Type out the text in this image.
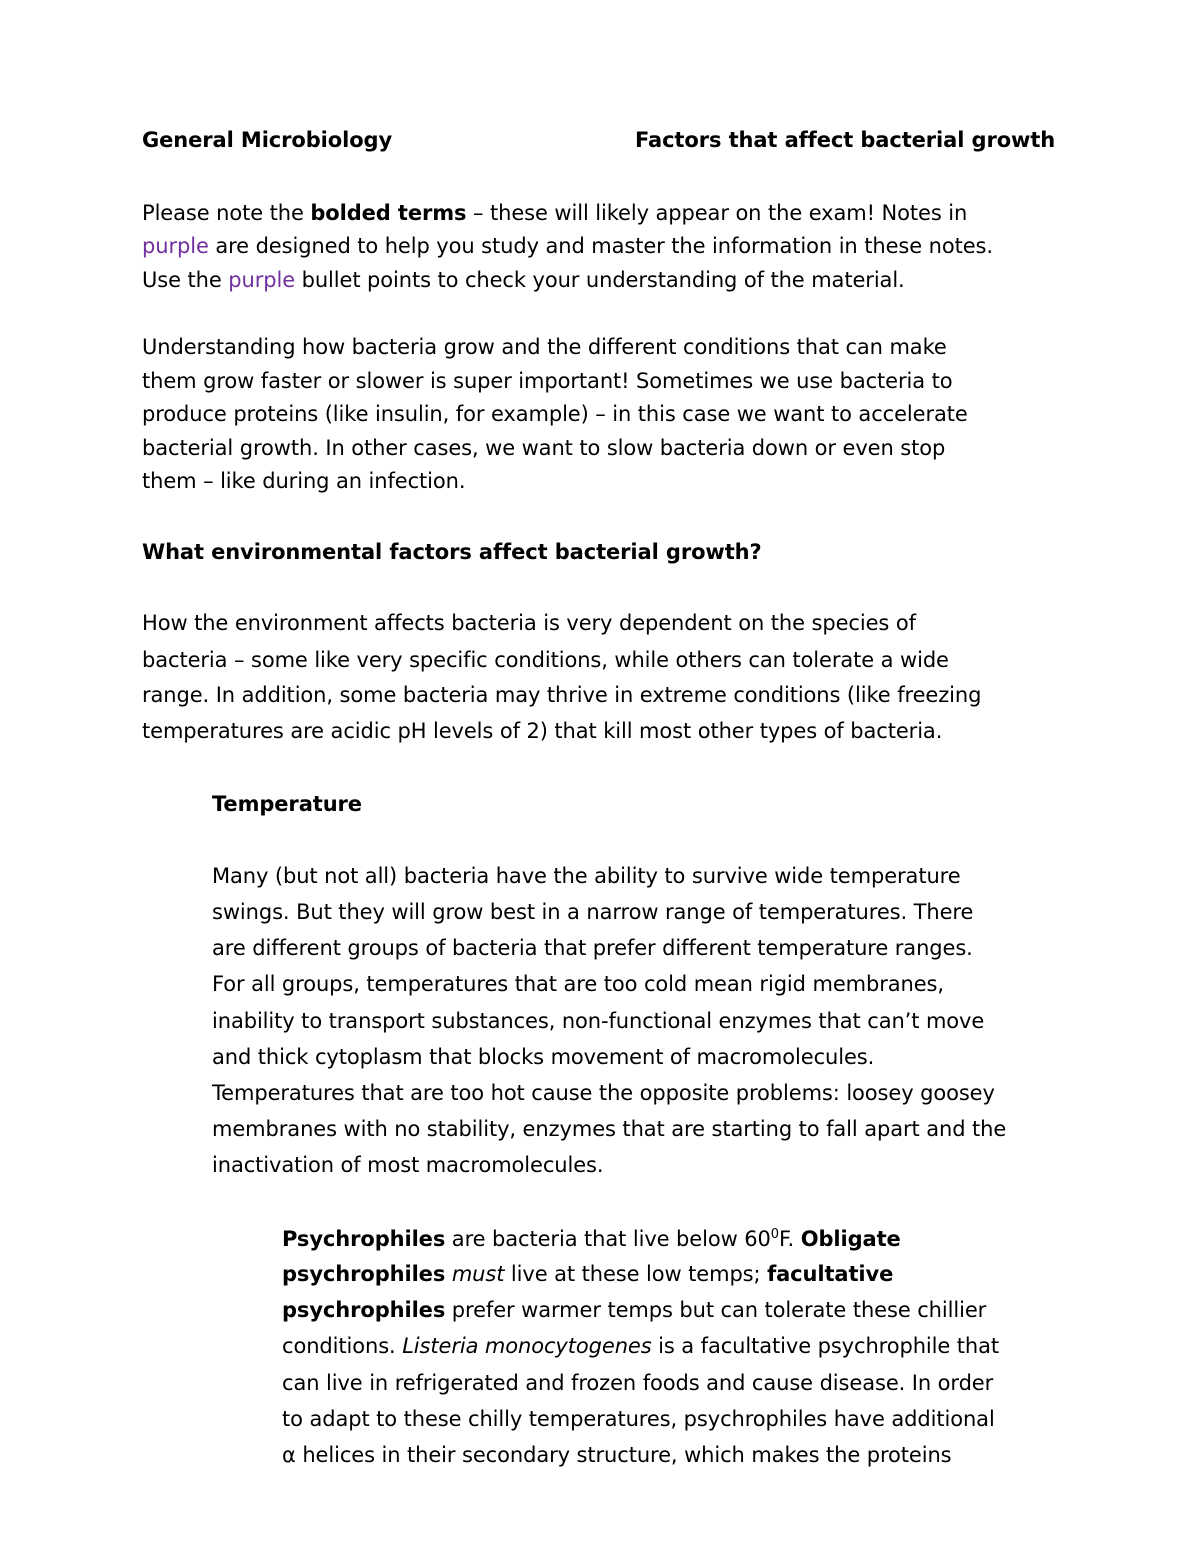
General Microbiology	Factors that affect bacterial growth
Please note the bolded terms – these will likely appear on the exam! Notes in
purple are designed to help you study and master the information in these notes.
Use the purple bullet points to check your understanding of the material.
Understanding how bacteria grow and the different conditions that can make
them grow faster or slower is super important! Sometimes we use bacteria to
produce proteins (like insulin, for example) – in this case we want to accelerate
bacterial growth. In other cases, we want to slow bacteria down or even stop
them – like during an infection.
What environmental factors affect bacterial growth?
How the environment affects bacteria is very dependent on the species of
bacteria – some like very specific conditions, while others can tolerate a wide
range. In addition, some bacteria may thrive in extreme conditions (like freezing
temperatures are acidic pH levels of 2) that kill most other types of bacteria.
Temperature
Many (but not all) bacteria have the ability to survive wide temperature
swings. But they will grow best in a narrow range of temperatures. There
are different groups of bacteria that prefer different temperature ranges.
For all groups, temperatures that are too cold mean rigid membranes,
inability to transport substances, non-functional enzymes that can’t move
and thick cytoplasm that blocks movement of macromolecules.
Temperatures that are too hot cause the opposite problems: loosey goosey
membranes with no stability, enzymes that are starting to fall apart and the
inactivation of most macromolecules.
Psychrophiles are bacteria that live below $60^0F$. Obligate
psychrophiles must live at these low temps; facultative
psychrophiles prefer warmer temps but can tolerate these chillier
conditions. Listeria monocytogenes is a facultative psychrophile that
can live in refrigerated and frozen foods and cause disease. In order
to adapt to these chilly temperatures, psychrophiles have additional
α helices in their secondary structure, which makes the proteins
